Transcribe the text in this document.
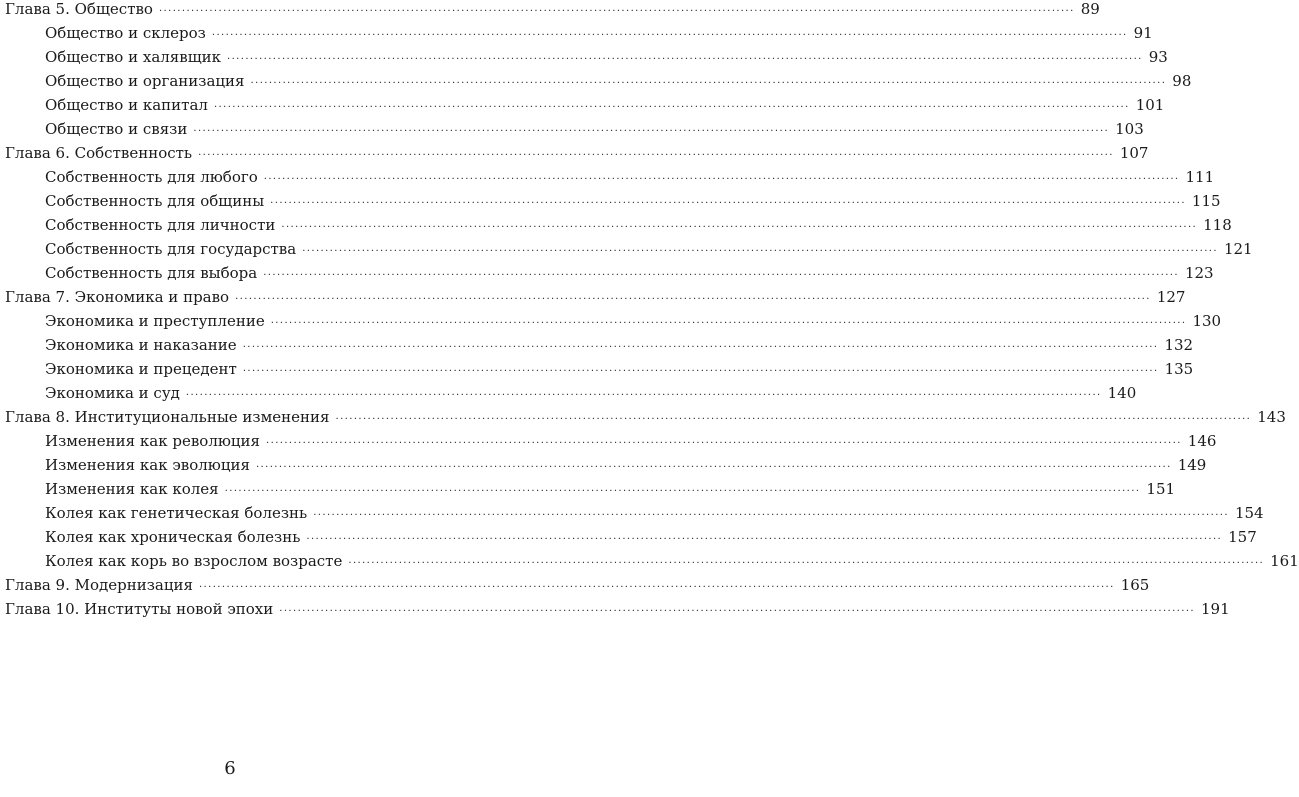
Глава 5. Общество ........................................................................................................................................................................................................ 89
Общество и склероз ........................................................................................................................................................................................................ 91
Общество и халявщик ........................................................................................................................................................................................................ 93
Общество и организация ........................................................................................................................................................................................................ 98
Общество и капитал ........................................................................................................................................................................................................ 101
Общество и связи ........................................................................................................................................................................................................ 103
Глава 6. Собственность ........................................................................................................................................................................................................ 107
Собственность для любого ........................................................................................................................................................................................................ 111
Собственность для общины ........................................................................................................................................................................................................ 115
Собственность для личности ........................................................................................................................................................................................................ 118
Собственность для государства ........................................................................................................................................................................................................ 121
Собственность для выбора ........................................................................................................................................................................................................ 123
Глава 7. Экономика и право ........................................................................................................................................................................................................ 127
Экономика и преступление ........................................................................................................................................................................................................ 130
Экономика и наказание ........................................................................................................................................................................................................ 132
Экономика и прецедент ........................................................................................................................................................................................................ 135
Экономика и суд ........................................................................................................................................................................................................ 140
Глава 8. Институциональные изменения ........................................................................................................................................................................................................ 143
Изменения как революция ........................................................................................................................................................................................................ 146
Изменения как эволюция ........................................................................................................................................................................................................ 149
Изменения как колея ........................................................................................................................................................................................................ 151
Колея как генетическая болезнь ........................................................................................................................................................................................................ 154
Колея как хроническая болезнь ........................................................................................................................................................................................................ 157
Колея как корь во взрослом возрасте ........................................................................................................................................................................................................ 161
Глава 9. Модернизация ........................................................................................................................................................................................................ 165
Глава 10. Институты новой эпохи ........................................................................................................................................................................................................ 191
6
